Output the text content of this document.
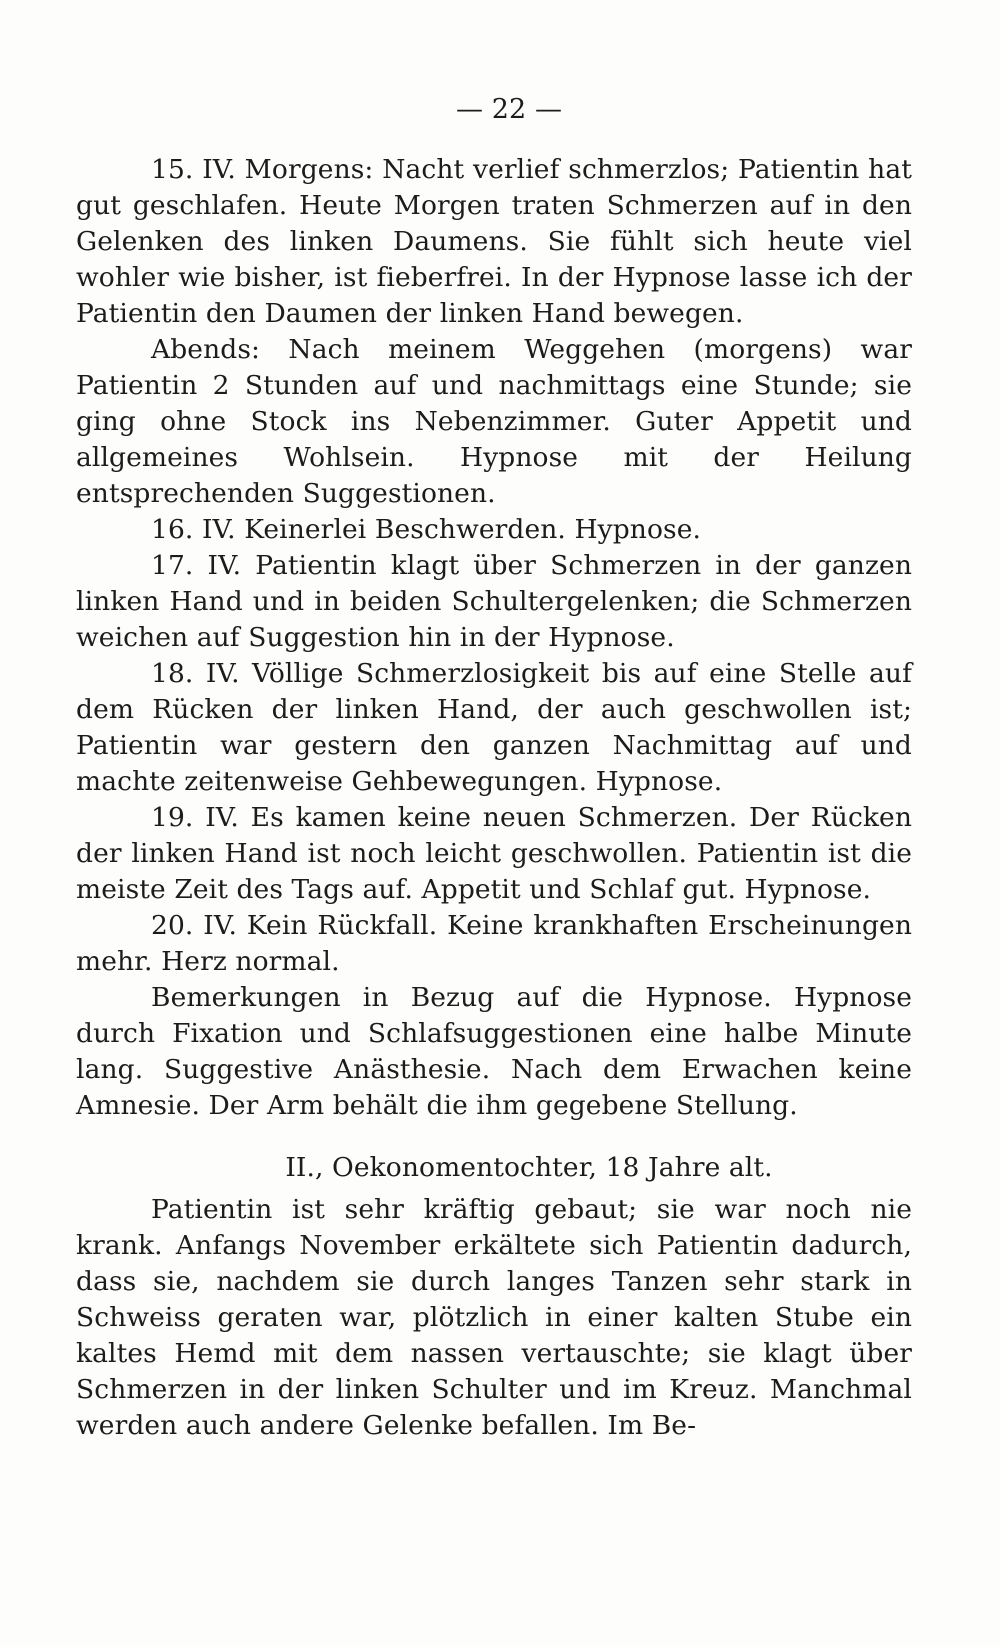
— 22 —

15. IV. Morgens: Nacht verlief schmerzlos; Patientin hat gut geschlafen. Heute Morgen traten Schmerzen auf in den Gelenken des linken Daumens. Sie fühlt sich heute viel wohler wie bisher, ist fieberfrei. In der Hypnose lasse ich der Patientin den Daumen der linken Hand bewegen.

Abends: Nach meinem Weggehen (morgens) war Patientin 2 Stunden auf und nachmittags eine Stunde; sie ging ohne Stock ins Nebenzimmer. Guter Appetit und allgemeines Wohlsein. Hypnose mit der Heilung entsprechenden Suggestionen.

16. IV. Keinerlei Beschwerden. Hypnose.

17. IV. Patientin klagt über Schmerzen in der ganzen linken Hand und in beiden Schultergelenken; die Schmerzen weichen auf Suggestion hin in der Hypnose.

18. IV. Völlige Schmerzlosigkeit bis auf eine Stelle auf dem Rücken der linken Hand, der auch geschwollen ist; Patientin war gestern den ganzen Nachmittag auf und machte zeitenweise Gehbewegungen. Hypnose.

19. IV. Es kamen keine neuen Schmerzen. Der Rücken der linken Hand ist noch leicht geschwollen. Patientin ist die meiste Zeit des Tags auf. Appetit und Schlaf gut. Hypnose.

20. IV. Kein Rückfall. Keine krankhaften Erscheinungen mehr. Herz normal.

Bemerkungen in Bezug auf die Hypnose. Hypnose durch Fixation und Schlafsuggestionen eine halbe Minute lang. Suggestive Anästhesie. Nach dem Erwachen keine Amnesie. Der Arm behält die ihm gegebene Stellung.

II., Oekonomentochter, 18 Jahre alt.

Patientin ist sehr kräftig gebaut; sie war noch nie krank. Anfangs November erkältete sich Patientin dadurch, dass sie, nachdem sie durch langes Tanzen sehr stark in Schweiss geraten war, plötzlich in einer kalten Stube ein kaltes Hemd mit dem nassen vertauschte; sie klagt über Schmerzen in der linken Schulter und im Kreuz. Manchmal werden auch andere Gelenke befallen. Im Be-
